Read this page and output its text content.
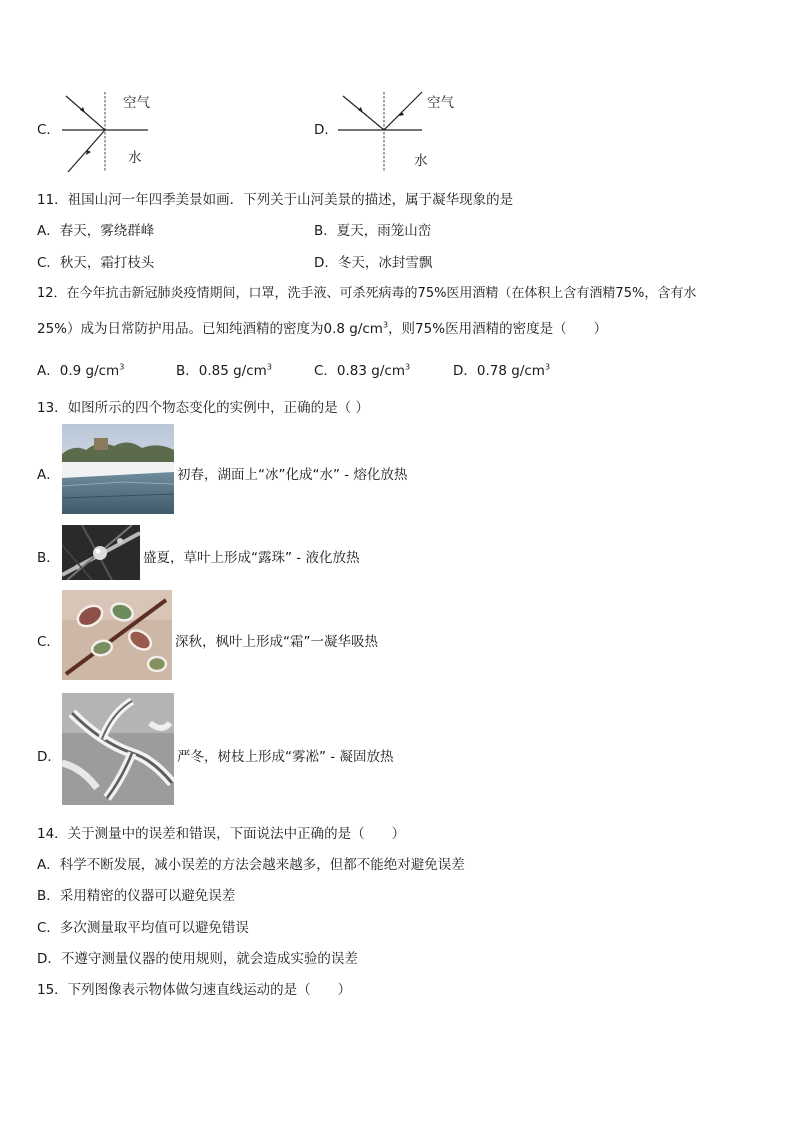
C．
空气
水
D．
空气
水
11．祖国山河一年四季美景如画．下列关于山河美景的描述，属于凝华现象的是
A．春天，雾绕群峰	B．夏天，雨笼山峦
C．秋天，霜打枝头	D．冬天，冰封雪飘
12．在今年抗击新冠肺炎疫情期间，口罩，洗手液、可杀死病毒的75%医用酒精（在体积上含有酒精75%，含有水
25%）成为日常防护用品。已知纯酒精的密度为0.8 $g/cm^3$，则75%医用酒精的密度是（　　）
A．0.9 $g/cm^3$	B．0.85 $g/cm^3$	C．0.83 $g/cm^3$	D．0.78 $g/cm^3$
13．如图所示的四个物态变化的实例中，正确的是（ ）
A．	初春，湖面上“冰”化成“水” - 熔化放热
B．	盛夏，草叶上形成“露珠” - 液化放热
C．	深秋，枫叶上形成“霜”一凝华吸热
D．	严冬，树枝上形成“雾凇” - 凝固放热
14．关于测量中的误差和错误，下面说法中正确的是（　　）
A．科学不断发展，减小误差的方法会越来越多，但都不能绝对避免误差
B．采用精密的仪器可以避免误差
C．多次测量取平均值可以避免错误
D．不遵守测量仪器的使用规则，就会造成实验的误差
15．下列图像表示物体做匀速直线运动的是（　　）
